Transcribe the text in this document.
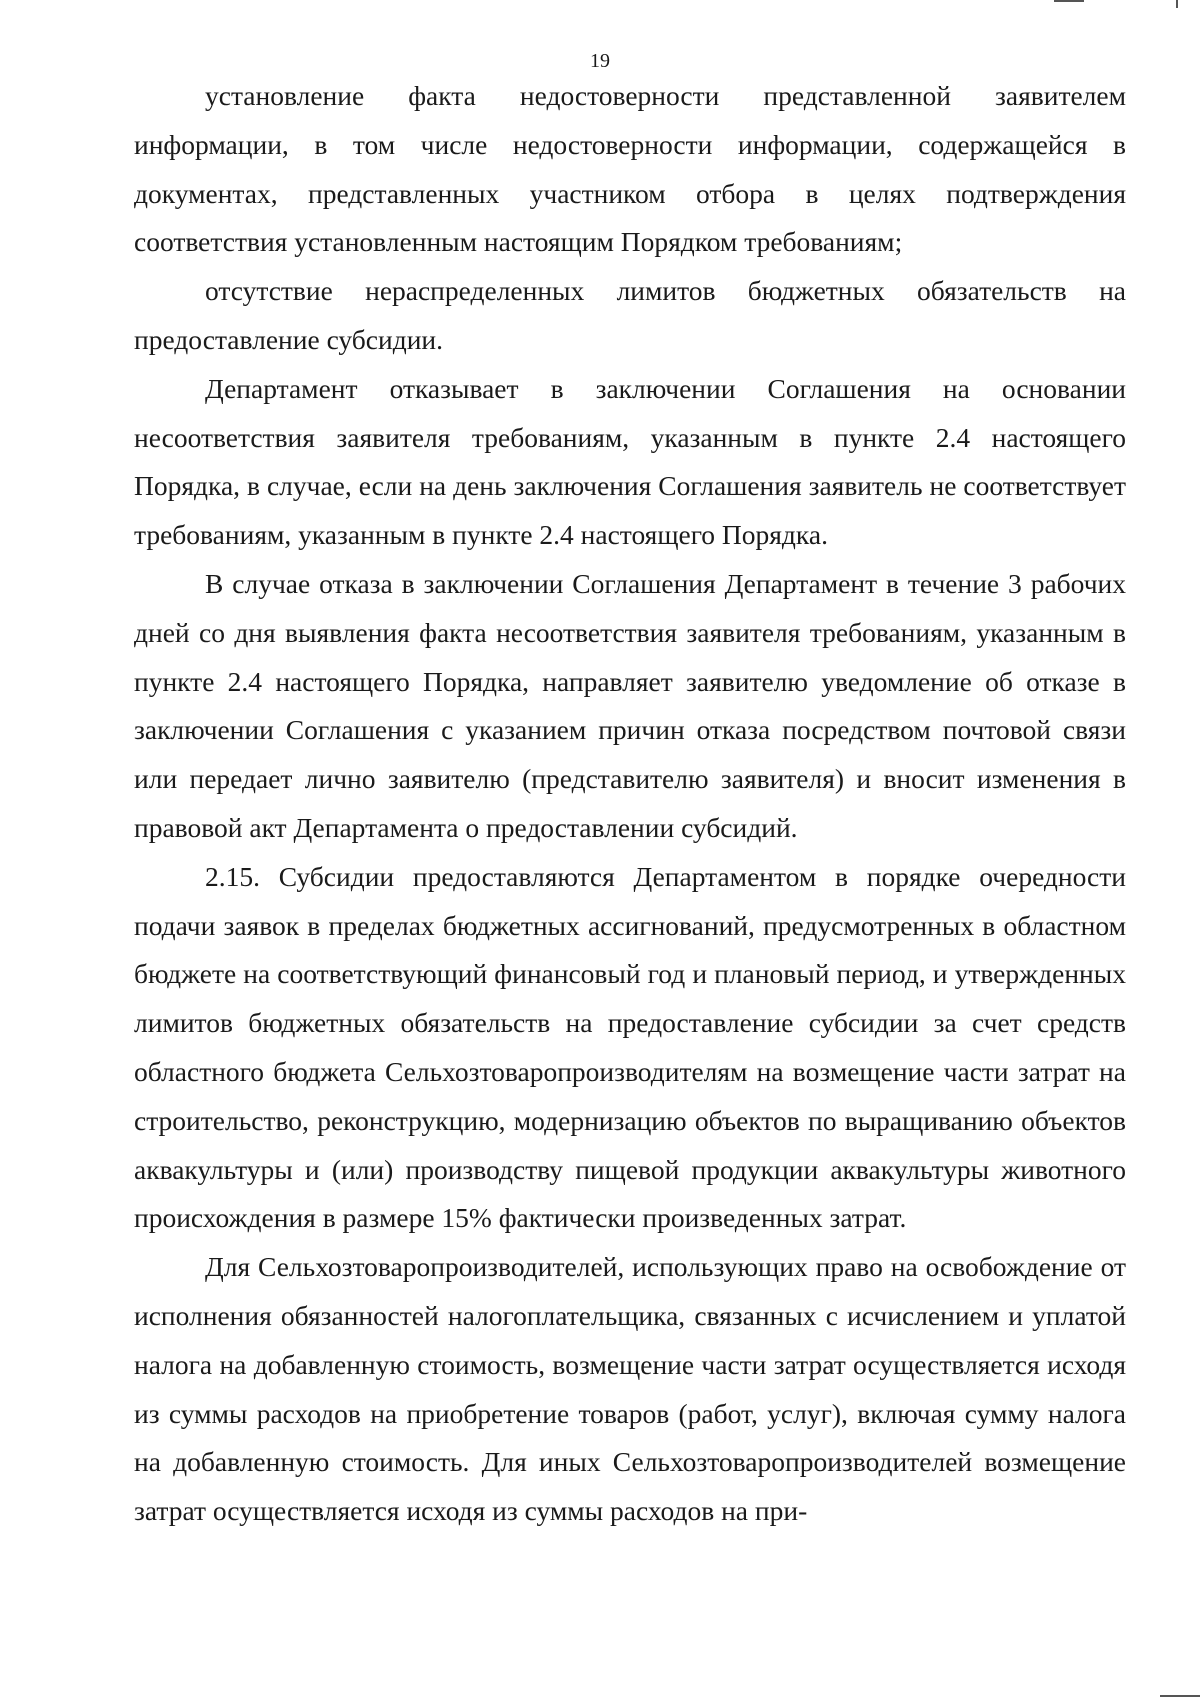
19

установление факта недостоверности представленной заявителем информации, в том числе недостоверности информации, содержащейся в документах, представленных участником отбора в целях подтверждения соответствия установленным настоящим Порядком требованиям;

отсутствие нераспределенных лимитов бюджетных обязательств на предоставление субсидии.

Департамент отказывает в заключении Соглашения на основании несоответствия заявителя требованиям, указанным в пункте 2.4 настоящего Порядка, в случае, если на день заключения Соглашения заявитель не соответствует требованиям, указанным в пункте 2.4 настоящего Порядка.

В случае отказа в заключении Соглашения Департамент в течение 3 рабочих дней со дня выявления факта несоответствия заявителя требованиям, указанным в пункте 2.4 настоящего Порядка, направляет заявителю уведомление об отказе в заключении Соглашения с указанием причин отказа посредством почтовой связи или передает лично заявителю (представителю заявителя) и вносит изменения в правовой акт Департамента о предоставлении субсидий.

2.15. Субсидии предоставляются Департаментом в порядке очередности подачи заявок в пределах бюджетных ассигнований, предусмотренных в областном бюджете на соответствующий финансовый год и плановый период, и утвержденных лимитов бюджетных обязательств на предоставление субсидии за счет средств областного бюджета Сельхозтоваропроизводителям на возмещение части затрат на строительство, реконструкцию, модернизацию объектов по выращиванию объектов аквакультуры и (или) производству пищевой продукции аквакультуры животного происхождения в размере 15% фактически произведенных затрат.

Для Сельхозтоваропроизводителей, использующих право на освобождение от исполнения обязанностей налогоплательщика, связанных с исчислением и уплатой налога на добавленную стоимость, возмещение части затрат осуществляется исходя из суммы расходов на приобретение товаров (работ, услуг), включая сумму налога на добавленную стоимость. Для иных Сельхозтоваропроизводителей возмещение затрат осуществляется исходя из суммы расходов на при-
